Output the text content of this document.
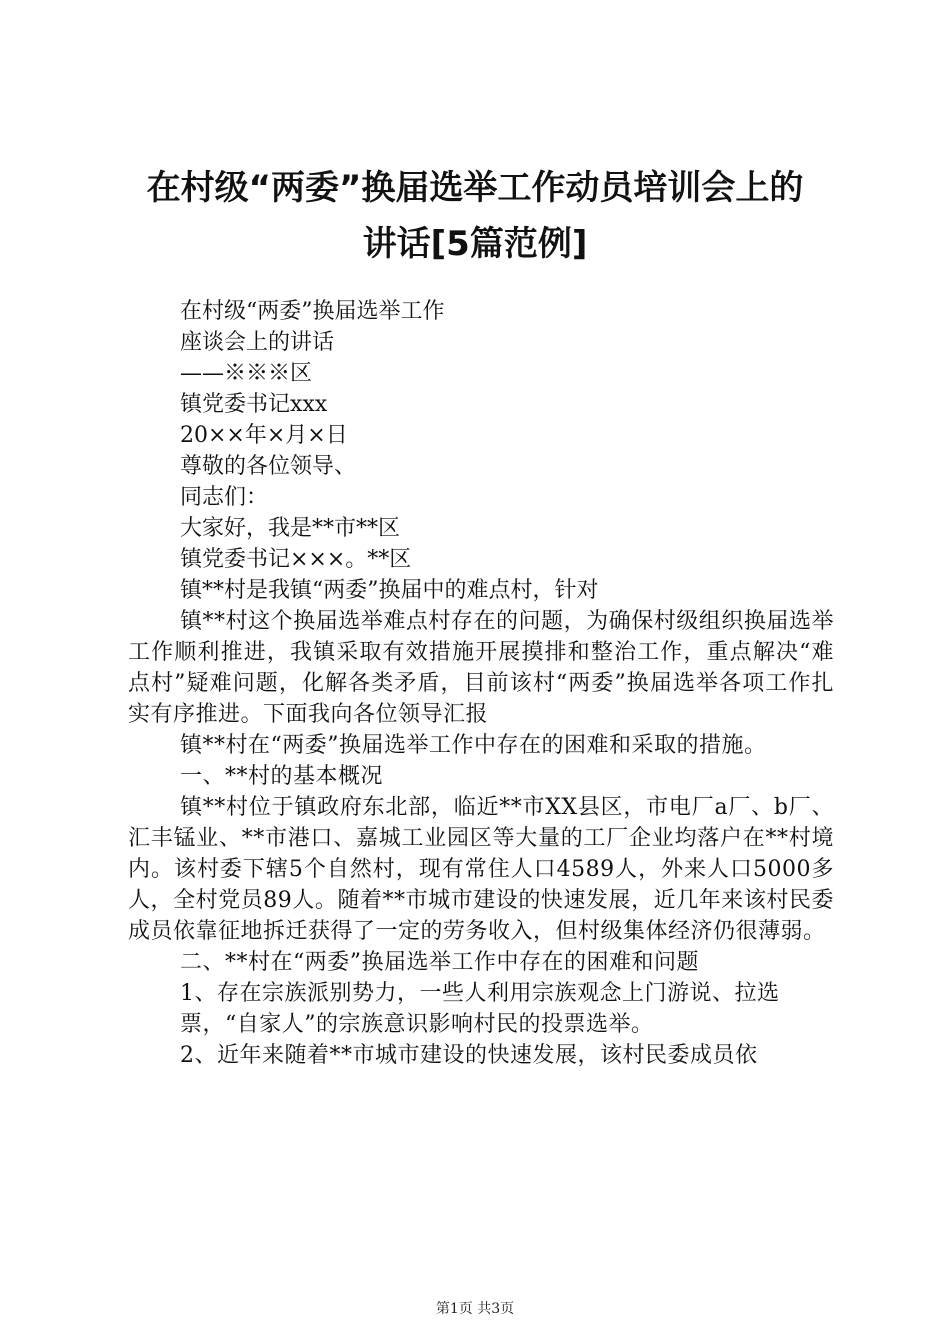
在村级“两委”换届选举工作动员培训会上的
讲话[5篇范例]
在村级“两委”换届选举工作
座谈会上的讲话
——※※※区
镇党委书记xxx
20××年×月×日
尊敬的各位领导、
同志们：
大家好，我是**市**区
镇党委书记×××。**区
镇**村是我镇“两委”换届中的难点村，针对

镇**村这个换届选举难点村存在的问题，为确保村级组织换届选举工作顺利推进，我镇采取有效措施开展摸排和整治工作，重点解决“难点村”疑难问题，化解各类矛盾，目前该村“两委”换届选举各项工作扎实有序推进。下面我向各位领导汇报

镇**村在“两委”换届选举工作中存在的困难和采取的措施。

一、**村的基本概况

镇**村位于镇政府东北部，临近**市XX县区，市电厂a厂、b厂、汇丰锰业、**市港口、嘉城工业园区等大量的工厂企业均落户在**村境内。该村委下辖5个自然村，现有常住人口4589人，外来人口5000多人，全村党员89人。随着**市城市建设的快速发展，近几年来该村民委成员依靠征地拆迁获得了一定的劳务收入，但村级集体经济仍很薄弱。

二、**村在“两委”换届选举工作中存在的困难和问题

1、存在宗族派别势力，一些人利用宗族观念上门游说、拉选

票，“自家人”的宗族意识影响村民的投票选举。

2、近年来随着**市城市建设的快速发展，该村民委成员依

第1页 共3页
